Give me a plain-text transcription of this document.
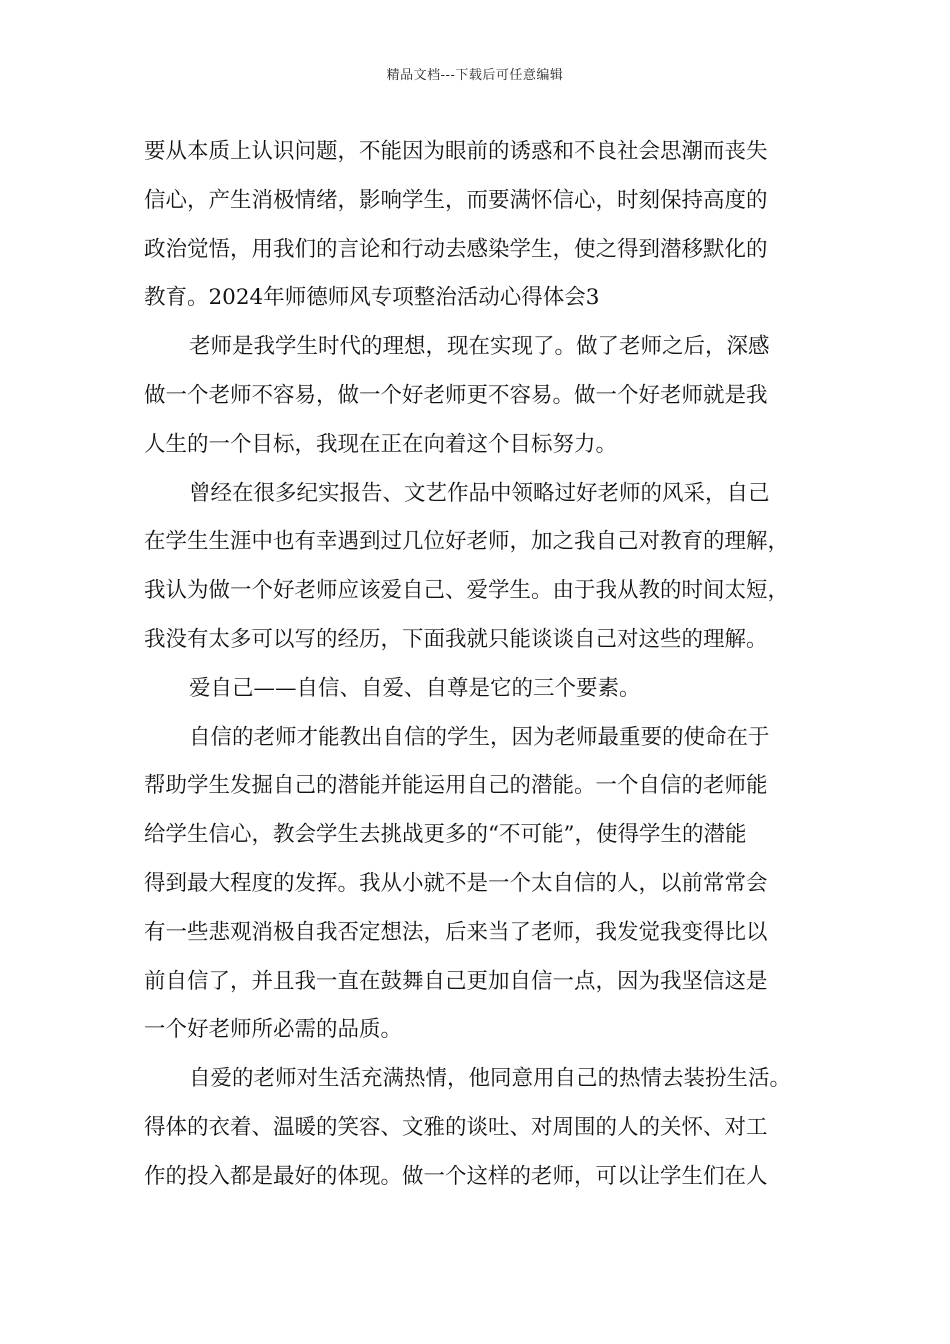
精品文档---下载后可任意编辑
要从本质上认识问题，不能因为眼前的诱惑和不良社会思潮而丧失
信心，产生消极情绪，影响学生，而要满怀信心，时刻保持高度的
政治觉悟，用我们的言论和行动去感染学生，使之得到潜移默化的
教育。2024年师德师风专项整治活动心得体会3
老师是我学生时代的理想，现在实现了。做了老师之后，深感
做一个老师不容易，做一个好老师更不容易。做一个好老师就是我
人生的一个目标，我现在正在向着这个目标努力。
曾经在很多纪实报告、文艺作品中领略过好老师的风采，自己
在学生生涯中也有幸遇到过几位好老师，加之我自己对教育的理解，
我认为做一个好老师应该爱自己、爱学生。由于我从教的时间太短，
我没有太多可以写的经历，下面我就只能谈谈自己对这些的理解。
爱自己——自信、自爱、自尊是它的三个要素。
自信的老师才能教出自信的学生，因为老师最重要的使命在于
帮助学生发掘自己的潜能并能运用自己的潜能。一个自信的老师能
给学生信心，教会学生去挑战更多的“不可能”，使得学生的潜能
得到最大程度的发挥。我从小就不是一个太自信的人，以前常常会
有一些悲观消极自我否定想法，后来当了老师，我发觉我变得比以
前自信了，并且我一直在鼓舞自己更加自信一点，因为我坚信这是
一个好老师所必需的品质。
自爱的老师对生活充满热情，他同意用自己的热情去装扮生活。
得体的衣着、温暖的笑容、文雅的谈吐、对周围的人的关怀、对工
作的投入都是最好的体现。做一个这样的老师，可以让学生们在人
